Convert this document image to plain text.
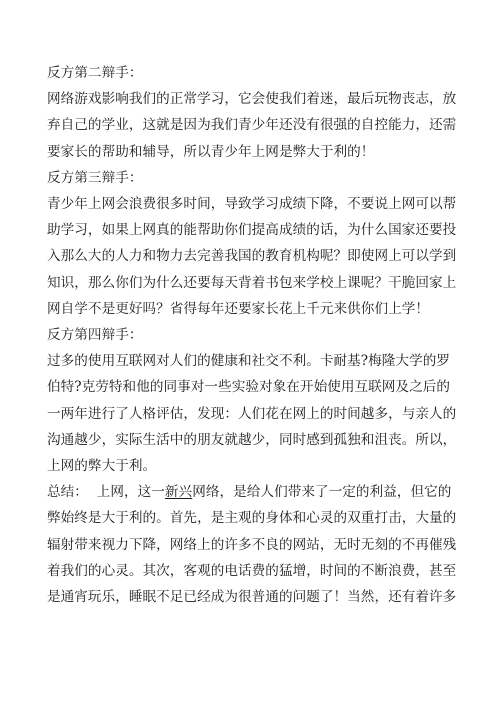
反方第二辩手：

网络游戏影响我们的正常学习，它会使我们着迷，最后玩物丧志，放
弃自己的学业，这就是因为我们青少年还没有很强的自控能力，还需
要家长的帮助和辅导，所以青少年上网是弊大于利的！

反方第三辩手：

青少年上网会浪费很多时间，导致学习成绩下降，不要说上网可以帮
助学习，如果上网真的能帮助你们提高成绩的话，为什么国家还要投
入那么大的人力和物力去完善我国的教育机构呢？即使网上可以学到
知识，那么你们为什么还要每天背着书包来学校上课呢？干脆回家上
网自学不是更好吗？省得每年还要家长花上千元来供你们上学！

反方第四辩手：

过多的使用互联网对人们的健康和社交不利。卡耐基?梅隆大学的罗
伯特?克劳特和他的同事对一些实验对象在开始使用互联网及之后的
一两年进行了人格评估，发现：人们花在网上的时间越多，与亲人的
沟通越少，实际生活中的朋友就越少，同时感到孤独和沮丧。所以，
上网的弊大于利。

总结：  上网，这一新兴网络，是给人们带来了一定的利益，但它的
弊始终是大于利的。首先，是主观的身体和心灵的双重打击，大量的
辐射带来视力下降，网络上的许多不良的网站，无时无刻的不再催残
着我们的心灵。其次，客观的电话费的猛增，时间的不断浪费，甚至
是通宵玩乐，睡眠不足已经成为很普通的问题了！当然，还有着许多
